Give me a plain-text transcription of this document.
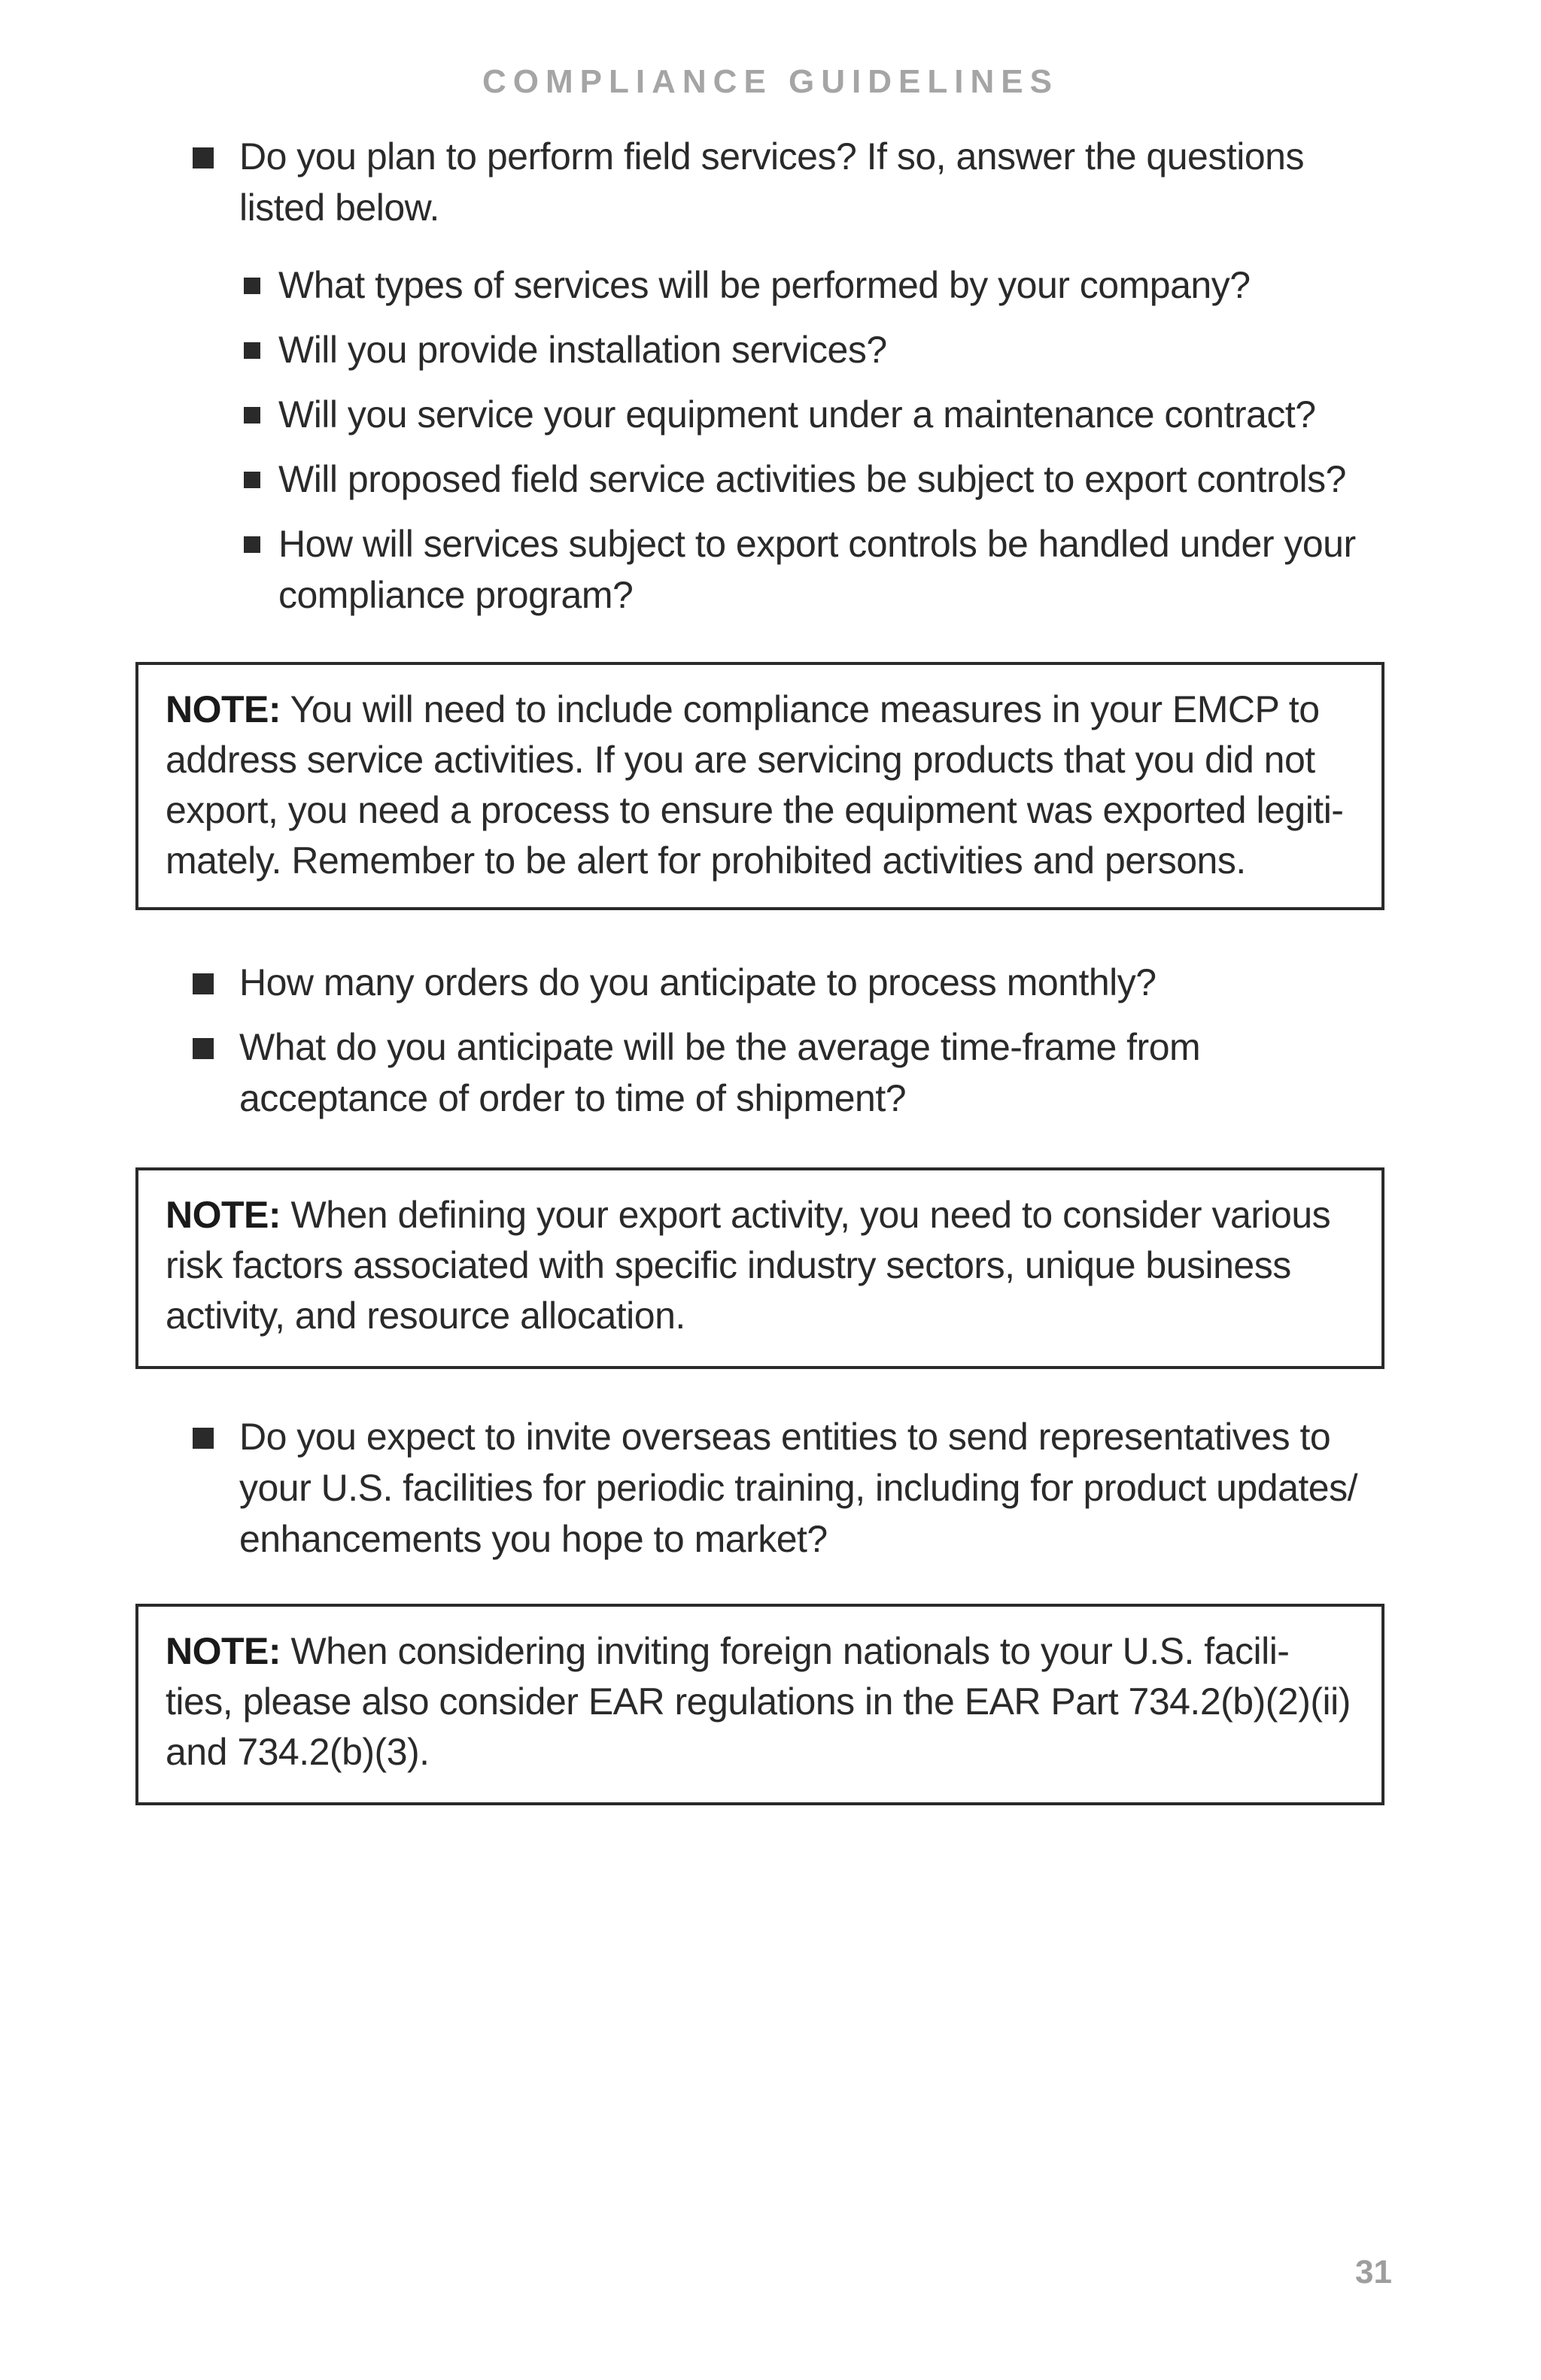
COMPLIANCE GUIDELINES
Do you plan to perform field services? If so, answer the questions
listed below.
What types of services will be performed by your company?
Will you provide installation services?
Will you service your equipment under a maintenance contract?
Will proposed field service activities be subject to export controls?
How will services subject to export controls be handled under your
compliance program?
NOTE: You will need to include compliance measures in your EMCP to
address service activities. If you are servicing products that you did not
export, you need a process to ensure the equipment was exported legiti-
mately. Remember to be alert for prohibited activities and persons.
How many orders do you anticipate to process monthly?
What do you anticipate will be the average time-frame from
acceptance of order to time of shipment?
NOTE: When defining your export activity, you need to consider various
risk factors associated with specific industry sectors, unique business
activity, and resource allocation.
Do you expect to invite overseas entities to send representatives to
your U.S. facilities for periodic training, including for product updates/
enhancements you hope to market?
NOTE: When considering inviting foreign nationals to your U.S. facili-
ties, please also consider EAR regulations in the EAR Part 734.2(b)(2)(ii)
and 734.2(b)(3).
31
